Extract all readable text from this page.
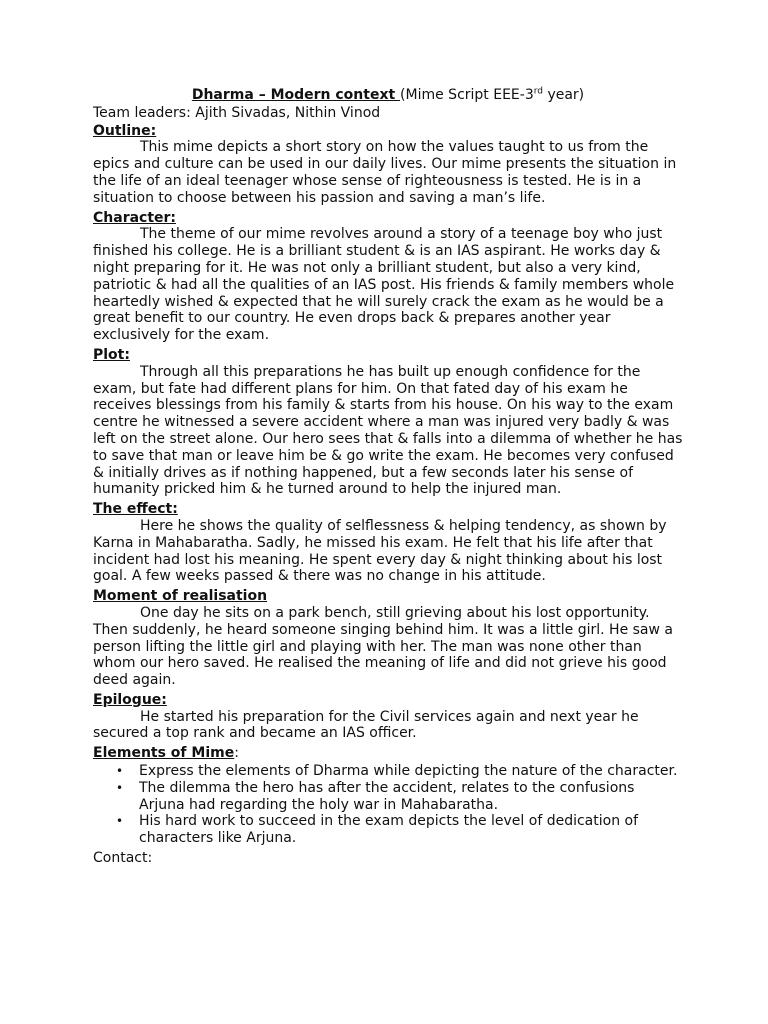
Dharma – Modern context (Mime Script EEE-3rd year)

Team leaders: Ajith Sivadas, Nithin Vinod

Outline:

This mime depicts a short story on how the values taught to us from the epics and culture can be used in our daily lives. Our mime presents the situation in the life of an ideal teenager whose sense of righteousness is tested. He is in a situation to choose between his passion and saving a man’s life.

Character:

The theme of our mime revolves around a story of a teenage boy who just finished his college. He is a brilliant student & is an IAS aspirant. He works day & night preparing for it. He was not only a brilliant student, but also a very kind, patriotic & had all the qualities of an IAS post. His friends & family members whole heartedly wished & expected that he will surely crack the exam as he would be a great benefit to our country. He even drops back & prepares another year exclusively for the exam.

Plot:

Through all this preparations he has built up enough confidence for the exam, but fate had different plans for him. On that fated day of his exam he receives blessings from his family & starts from his house. On his way to the exam centre he witnessed a severe accident where a man was injured very badly & was left on the street alone. Our hero sees that & falls into a dilemma of whether he has to save that man or leave him be & go write the exam. He becomes very confused & initially drives as if nothing happened, but a few seconds later his sense of humanity pricked him & he turned around to help the injured man.

The effect:

Here he shows the quality of selflessness & helping tendency, as shown by Karna in Mahabaratha. Sadly, he missed his exam. He felt that his life after that incident had lost his meaning. He spent every day & night thinking about his lost goal. A few weeks passed & there was no change in his attitude.

Moment of realisation

One day he sits on a park bench, still grieving about his lost opportunity. Then suddenly, he heard someone singing behind him. It was a little girl. He saw a person lifting the little girl and playing with her. The man was none other than whom our hero saved. He realised the meaning of life and did not grieve his good deed again.

Epilogue:

He started his preparation for the Civil services again and next year he secured a top rank and became an IAS officer.

Elements of Mime:
• Express the elements of Dharma while depicting the nature of the character.
• The dilemma the hero has after the accident, relates to the confusions Arjuna had regarding the holy war in Mahabaratha.
• His hard work to succeed in the exam depicts the level of dedication of characters like Arjuna.

Contact:
